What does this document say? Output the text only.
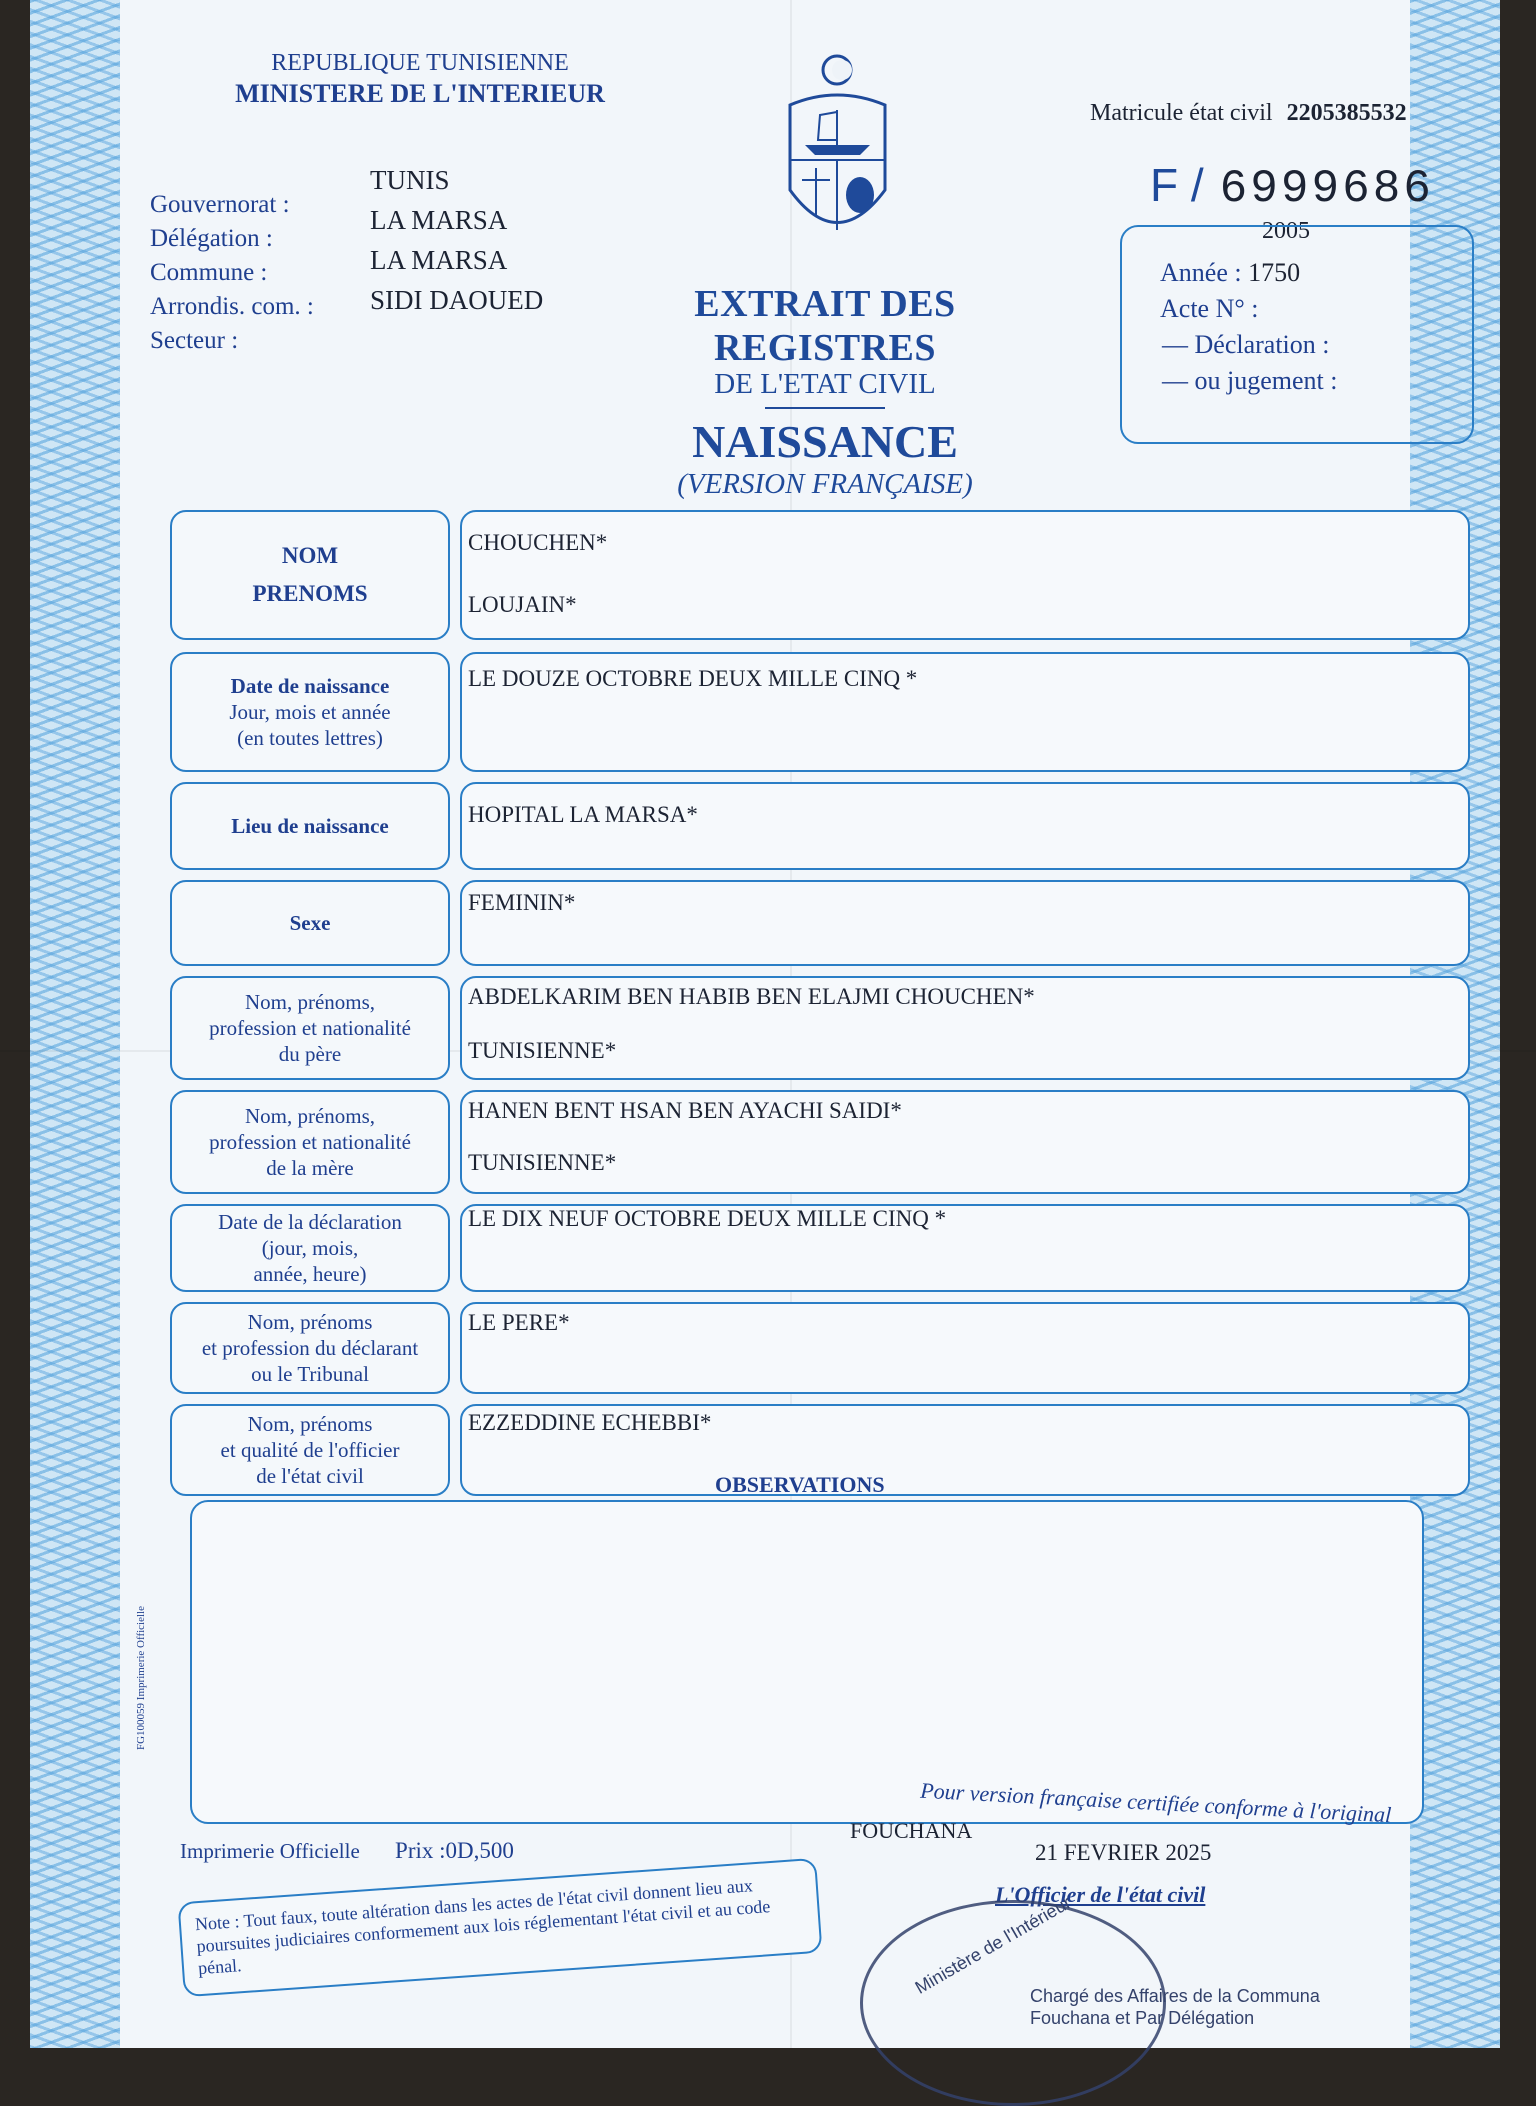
REPUBLIQUE TUNISIENNE
MINISTERE DE L'INTERIEUR
Gouvernorat :
Délégation :
Commune :
Arrondis. com. :
Secteur :
TUNIS
LA MARSA
LA MARSA
SIDI DAOUED	EXTRAIT DES REGISTRES
DE L'ETAT CIVIL
NAISSANCE
(VERSION FRANÇAISE)
Matricule état civil 2205385532
F / 6999686
2005
Année : 1750
Acte N° :
— Déclaration :
— ou jugement :
NOM
PRENOMS
CHOUCHEN*
LOUJAIN*
Date de naissance
Jour, mois et année
(en toutes lettres)
LE DOUZE OCTOBRE DEUX MILLE CINQ *
Lieu de naissance	HOPITAL LA MARSA*
Sexe
FEMININ*
Nom, prénoms,
profession et nationalité
du père
ABDELKARIM BEN HABIB BEN ELAJMI CHOUCHEN*
TUNISIENNE*
Nom, prénoms,
profession et nationalité
de la mère
HANEN BENT HSAN BEN AYACHI SAIDI*
TUNISIENNE*
Date de la déclaration
(jour, mois,
année, heure)
LE DIX NEUF OCTOBRE DEUX MILLE CINQ *
Nom, prénoms
et profession du déclarant
ou le Tribunal
LE PERE*
Nom, prénoms
et qualité de l'officier
de l'état civil
EZZEDDINE ECHEBBI*
OBSERVATIONS
FG100059 Imprimerie Officielle
Imprimerie Officielle Prix :0D,500
Note : Tout faux, toute altération dans les actes de l'état civil donnent lieu aux poursuites judiciaires conformement aux lois réglementant l'état civil et au code pénal.
Pour version française certifiée conforme à l'original
FOUCHANA
21 FEVRIER 2025
L'Officier de l'état civil
Ministère de l'Intérieur
Chargé des Affaires de la Communa
Fouchana et Par Délégation
